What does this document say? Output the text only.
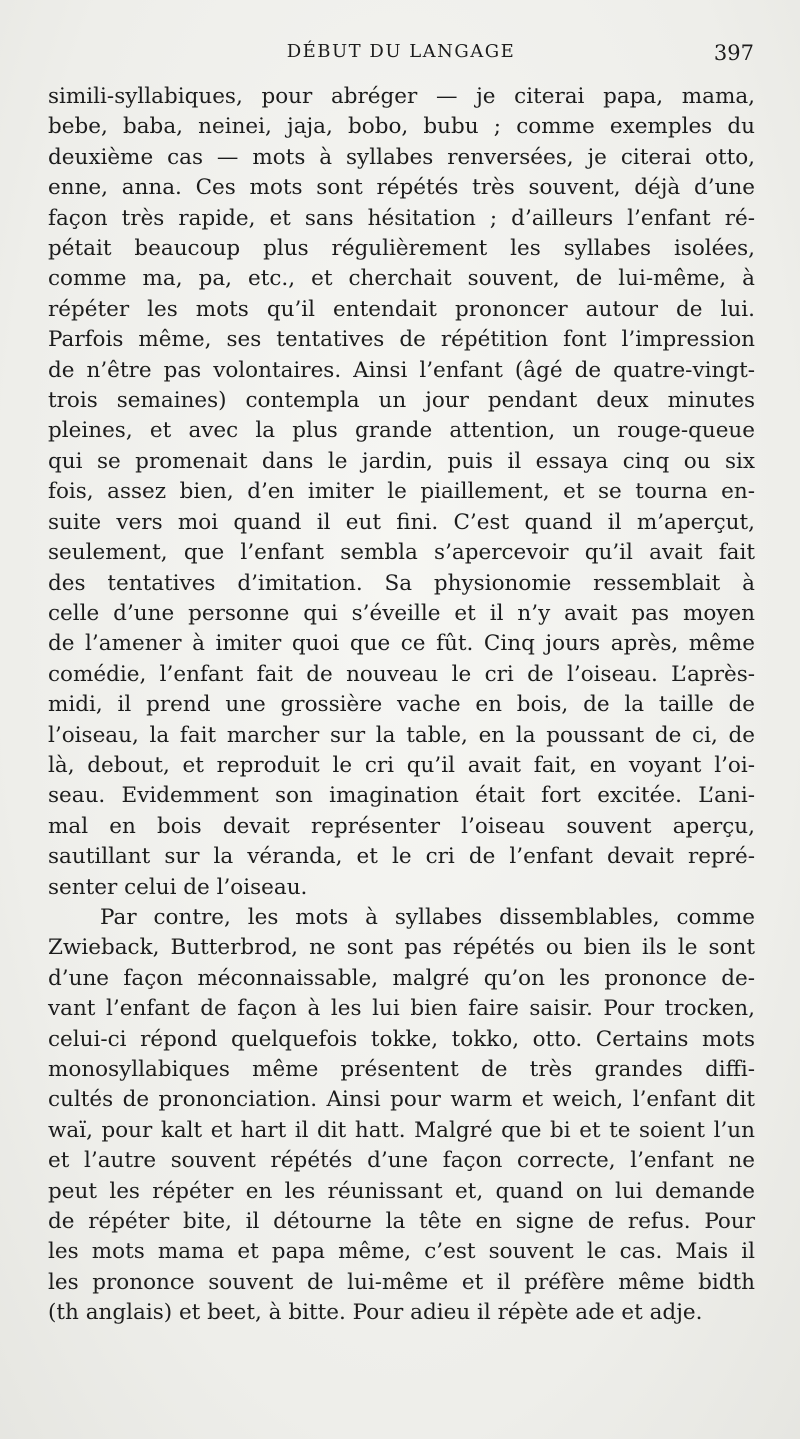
DÉBUT DU LANGAGE	397
simili-syllabiques, pour abréger — je citerai papa, mama,
bebe, baba, neinei, jaja, bobo, bubu ; comme exemples du
deuxième cas — mots à syllabes renversées, je citerai otto,
enne, anna. Ces mots sont répétés très souvent, déjà d’une
façon très rapide, et sans hésitation ; d’ailleurs l’enfant ré-
pétait beaucoup plus régulièrement les syllabes isolées,
comme ma, pa, etc., et cherchait souvent, de lui-même, à
répéter les mots qu’il entendait prononcer autour de lui.
Parfois même, ses tentatives de répétition font l’impression
de n’être pas volontaires. Ainsi l’enfant (âgé de quatre-vingt-
trois semaines) contempla un jour pendant deux minutes
pleines, et avec la plus grande attention, un rouge-queue
qui se promenait dans le jardin, puis il essaya cinq ou six
fois, assez bien, d’en imiter le piaillement, et se tourna en-
suite vers moi quand il eut fini. C’est quand il m’aperçut,
seulement, que l’enfant sembla s’apercevoir qu’il avait fait
des tentatives d’imitation. Sa physionomie ressemblait à
celle d’une personne qui s’éveille et il n’y avait pas moyen
de l’amener à imiter quoi que ce fût. Cinq jours après, même
comédie, l’enfant fait de nouveau le cri de l’oiseau. L’après-
midi, il prend une grossière vache en bois, de la taille de
l’oiseau, la fait marcher sur la table, en la poussant de ci, de
là, debout, et reproduit le cri qu’il avait fait, en voyant l’oi-
seau. Evidemment son imagination était fort excitée. L’ani-
mal en bois devait représenter l’oiseau souvent aperçu,
sautillant sur la véranda, et le cri de l’enfant devait repré-
senter celui de l’oiseau.
Par contre, les mots à syllabes dissemblables, comme
Zwieback, Butterbrod, ne sont pas répétés ou bien ils le sont
d’une façon méconnaissable, malgré qu’on les prononce de-
vant l’enfant de façon à les lui bien faire saisir. Pour trocken,
celui-ci répond quelquefois tokke, tokko, otto. Certains mots
monosyllabiques même présentent de très grandes diffi-
cultés de prononciation. Ainsi pour warm et weich, l’enfant dit
waï, pour kalt et hart il dit hatt. Malgré que bi et te soient l’un
et l’autre souvent répétés d’une façon correcte, l’enfant ne
peut les répéter en les réunissant et, quand on lui demande
de répéter bite, il détourne la tête en signe de refus. Pour
les mots mama et papa même, c’est souvent le cas. Mais il
les prononce souvent de lui-même et il préfère même bidth
(th anglais) et beet, à bitte. Pour adieu il répète ade et adje.
